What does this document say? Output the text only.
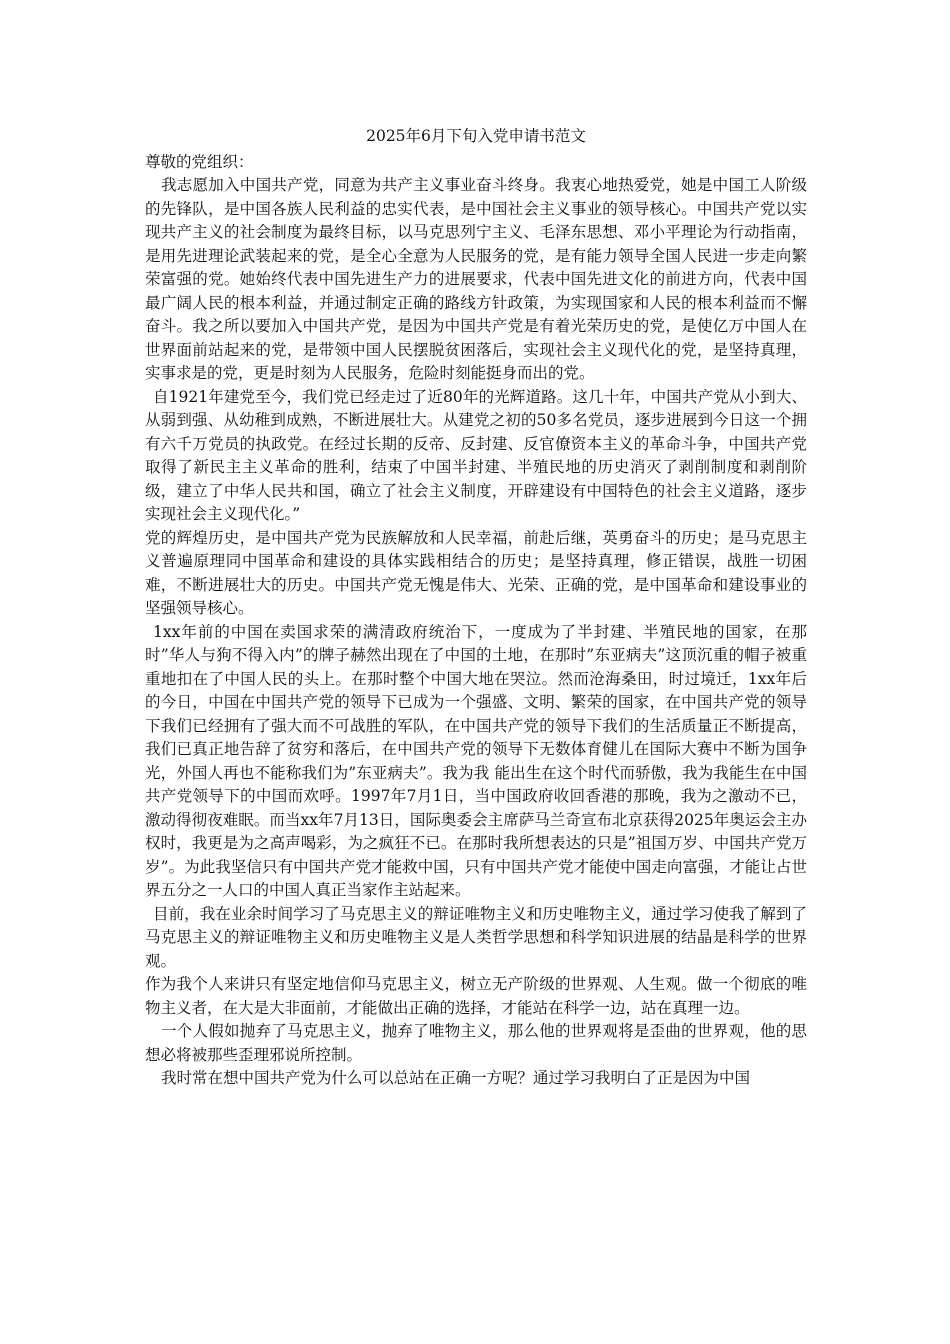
2025年6月下旬入党申请书范文
尊敬的党组织：

我志愿加入中国共产党，同意为共产主义事业奋斗终身。我衷心地热爱党，她是中国工人阶级的先锋队，是中国各族人民利益的忠实代表，是中国社会主义事业的领导核心。中国共产党以实现共产主义的社会制度为最终目标，以马克思列宁主义、毛泽东思想、邓小平理论为行动指南，是用先进理论武装起来的党，是全心全意为人民服务的党，是有能力领导全国人民进一步走向繁荣富强的党。她始终代表中国先进生产力的进展要求，代表中国先进文化的前进方向，代表中国最广阔人民的根本利益，并通过制定正确的路线方针政策，为实现国家和人民的根本利益而不懈奋斗。我之所以要加入中国共产党，是因为中国共产党是有着光荣历史的党，是使亿万中国人在世界面前站起来的党，是带领中国人民摆脱贫困落后，实现社会主义现代化的党，是坚持真理，实事求是的党，更是时刻为人民服务，危险时刻能挺身而出的党。

自1921年建党至今，我们党已经走过了近80年的光辉道路。这几十年，中国共产党从小到大、从弱到强、从幼稚到成熟，不断进展壮大。从建党之初的50多名党员，逐步进展到今日这一个拥有六千万党员的执政党。在经过长期的反帝、反封建、反官僚资本主义的革命斗争，中国共产党取得了新民主主义革命的胜利，结束了中国半封建、半殖民地的历史消灭了剥削制度和剥削阶级，建立了中华人民共和国，确立了社会主义制度，开辟建设有中国特色的社会主义道路，逐步实现社会主义现代化。”

党的辉煌历史，是中国共产党为民族解放和人民幸福，前赴后继，英勇奋斗的历史；是马克思主义普遍原理同中国革命和建设的具体实践相结合的历史；是坚持真理，修正错误，战胜一切困难，不断进展壮大的历史。中国共产党无愧是伟大、光荣、正确的党，是中国革命和建设事业的坚强领导核心。

1xx年前的中国在卖国求荣的满清政府统治下，一度成为了半封建、半殖民地的国家，在那时”华人与狗不得入内”的牌子赫然出现在了中国的土地，在那时”东亚病夫”这顶沉重的帽子被重重地扣在了中国人民的头上。在那时整个中国大地在哭泣。然而沧海桑田，时过境迁，1xx年后的今日，中国在中国共产党的领导下已成为一个强盛、文明、繁荣的国家，在中国共产党的领导下我们已经拥有了强大而不可战胜的军队，在中国共产党的领导下我们的生活质量正不断提高，我们已真正地告辞了贫穷和落后，在中国共产党的领导下无数体育健儿在国际大赛中不断为国争光，外国人再也不能称我们为”东亚病夫”。我为我 能出生在这个时代而骄傲，我为我能生在中国共产党领导下的中国而欢呼。1997年7月1日，当中国政府收回香港的那晚，我为之激动不已，激动得彻夜难眠。而当xx年7月13日，国际奥委会主席萨马兰奇宣布北京获得2025年奥运会主办权时，我更是为之高声喝彩，为之疯狂不已。在那时我所想表达的只是”祖国万岁、中国共产党万岁”。为此我坚信只有中国共产党才能救中国，只有中国共产党才能使中国走向富强，才能让占世界五分之一人口的中国人真正当家作主站起来。

目前，我在业余时间学习了马克思主义的辩证唯物主义和历史唯物主义，通过学习使我了解到了马克思主义的辩证唯物主义和历史唯物主义是人类哲学思想和科学知识进展的结晶是科学的世界观。

作为我个人来讲只有坚定地信仰马克思主义，树立无产阶级的世界观、人生观。做一个彻底的唯物主义者，在大是大非面前，才能做出正确的选择，才能站在科学一边，站在真理一边。

一个人假如抛弃了马克思主义，抛弃了唯物主义，那么他的世界观将是歪曲的世界观，他的思想必将被那些歪理邪说所控制。

我时常在想中国共产党为什么可以总站在正确一方呢？通过学习我明白了正是因为中国
